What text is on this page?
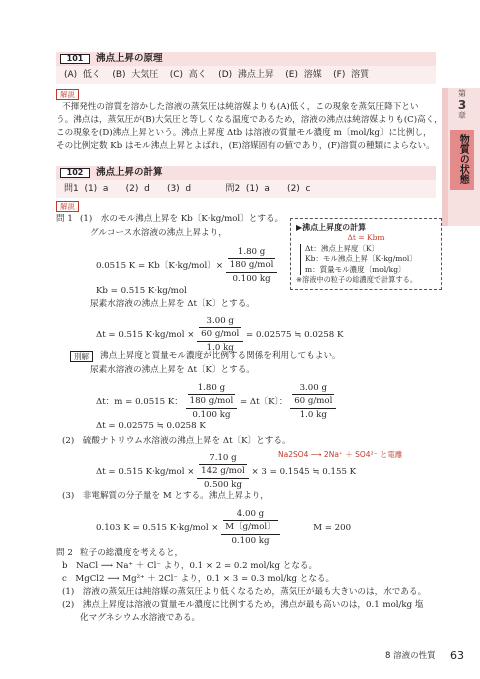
第
3
章
物質の状態
101	沸点上昇の原理
(A)  低く    (B)  大気圧    (C)  高く    (D)  沸点上昇    (E)  溶媒    (F)  溶質
解説
不揮発性の溶質を溶かした溶液の蒸気圧は純溶媒よりも(A)低く，この現象を蒸気圧降下とい
う。沸点は，蒸気圧が(B)大気圧と等しくなる温度であるため，溶液の沸点は純溶媒よりも(C)高く，
この現象を(D)沸点上昇という。沸点上昇度 Δtb は溶液の質量モル濃度 m〔mol/kg〕に比例し，
その比例定数 Kb はモル沸点上昇とよばれ，(E)溶媒固有の値であり，(F)溶質の種類によらない。
102	沸点上昇の計算
問1  (1)  a      (2)  d      (3)  d            問2  (1)  a      (2)  c
解説
▶沸点上昇度の計算
Δt = Kbm
Δt：沸点上昇度〔K〕
Kb：モル沸点上昇〔K·kg/mol〕
m：質量モル濃度〔mol/kg〕
※溶液中の粒子の総濃度で計算する。
問 1 (1)　水のモル沸点上昇を Kb〔K·kg/mol〕とする。
グルコース水溶液の沸点上昇より，
0.0515 K = Kb〔K·kg/mol〕× $\frac{\frac{1.80 g}{\text{180 g/mol}}}{0.100 kg}$
Kb = 0.515 K·kg/mol
尿素水溶液の沸点上昇を Δt〔K〕とする。
Δt = 0.515 $K\cdot kg/mol \times \frac{\frac{3.00 g}{\text{60 g/mol}}}{1.0 kg} = 0.02575$ ≒ 0.0258 K
別解	沸点上昇度と質量モル濃度が比例する関係を利用してもよい。
尿素水溶液の沸点上昇を Δt〔K〕とする。
Δt：m = 0.0515 K： $\frac{\frac{1.80 g}{\text{180 g/mol}}}{0.100 kg} = \Delta t$〔K〕： $\frac{\frac{3.00 g}{\text{60 g/mol}}}{1.0 kg}$
Δt = 0.02575 ≒ 0.0258 K
(2)　硫酸ナトリウム水溶液の沸点上昇を Δt〔K〕とする。
Δt = 0.515 $K\cdot kg/mol \times \frac{\frac{7.10 g}{\text{142 g/mol}}}{0.500 kg} \times 3 = 0.1545$ ≒ 0.155 K
Na2SO4 ⟶ 2Na⁺ ＋ SO4²⁻ と電離
(3)　非電解質の分子量を M とする。沸点上昇より，
0.103 K = 0.515 $K\cdot kg/mol \times \frac{\frac{4.00 g}{\text{M〔g/mol〕}}}{0.100 kg}$	M = 200
問 2 粒子の総濃度を考えると，
b　NaCl ⟶ Na⁺ ＋ Cl⁻ より，0.1 × 2 = 0.2 mol/kg となる。
c　MgCl2 ⟶ Mg²⁺ ＋ 2Cl⁻ より，0.1 × 3 = 0.3 mol/kg となる。
(1)　溶液の蒸気圧は純溶媒の蒸気圧より低くなるため，蒸気圧が最も大きいのは，水である。
(2)　沸点上昇度は溶液の質量モル濃度に比例するため，沸点が最も高いのは，0.1 mol/kg 塩
化マグネシウム水溶液である。
8 溶液の性質 63
